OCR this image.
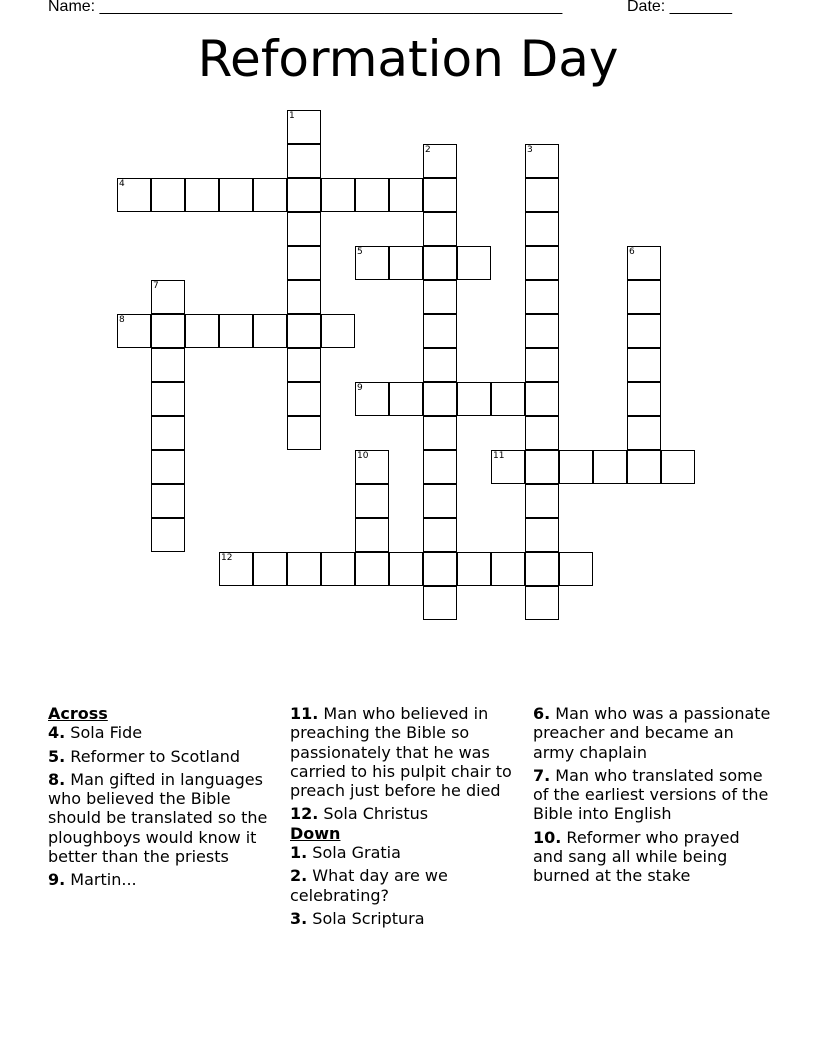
Name: ____________________________________________________	Date: _______
Reformation Day
1
2	3
4
5	6
7
8
9
10	11
12
Across
4. Sola Fide
5. Reformer to Scotland
8. Man gifted in languages who believed the Bible should be translated so the ploughboys would know it better than the priests
9. Martin...
11. Man who believed in preaching the Bible so passionately that he was carried to his pulpit chair to preach just before he died
12. Sola Christus
Down
1. Sola Gratia
2. What day are we celebrating?
3. Sola Scriptura
6. Man who was a passionate preacher and became an army chaplain
7. Man who translated some of the earliest versions of the Bible into English
10. Reformer who prayed and sang all while being burned at the stake
